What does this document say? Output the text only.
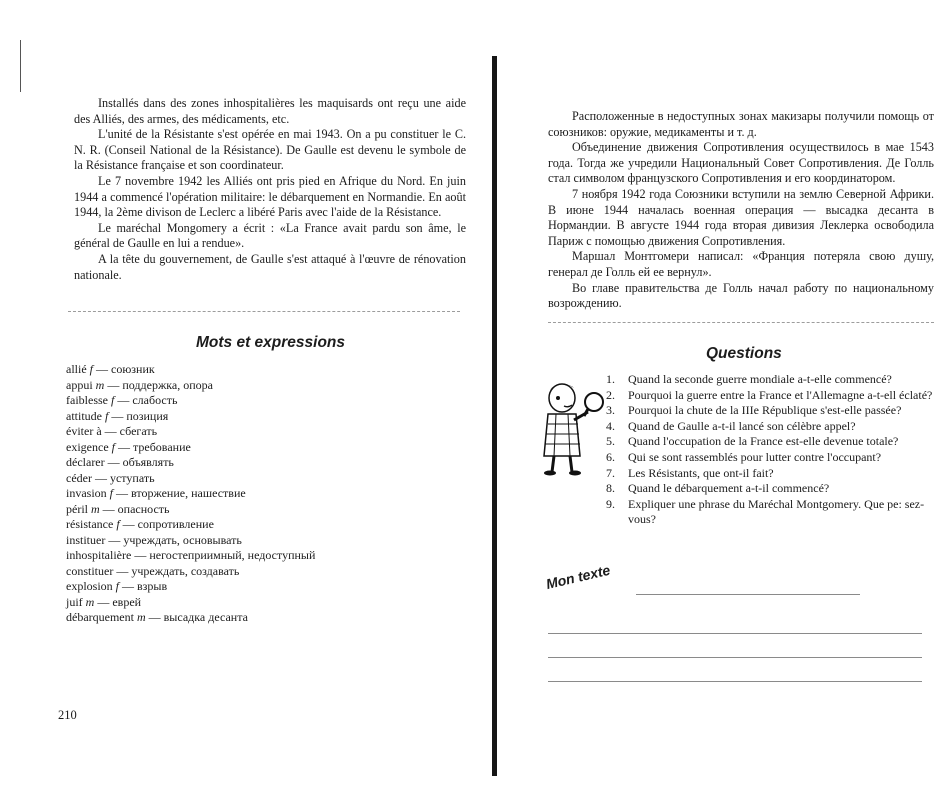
Installés dans des zones inhospitalières les maquisards ont reçu une aide des Alliés, des armes, des médicaments, etc.

L'unité de la Résistante s'est opérée en mai 1943. On a pu constituer le C. N. R. (Conseil National de la Résistance). De Gaulle est devenu le symbole de la Résistance française et son coordinateur.

Le 7 novembre 1942 les Alliés ont pris pied en Afrique du Nord. En juin 1944 a commencé l'opération militaire: le débarquement en Normandie. En août 1944, la 2ème divison de Leclerc a libéré Paris avec l'aide de la Résistance.

Le maréchal Mongomery a écrit : «La France avait pardu son âme, le général de Gaulle en lui a rendue».

A la tête du gouvernement, de Gaulle s'est attaqué à l'œuvre de rénovation nationale.

Mots et expressions
allié f — союзник
appui m — поддержка, опора
faiblesse f — слабость
attitude f — позиция
éviter à — сбегать
exigence f — требование
déclarer — объявлять
céder — уступать
invasion f — вторжение, нашествие
péril m — опасность
résistance f — сопротивление
instituer — учреждать, основывать
inhospitalière — негостеприимный, недоступный
constituer — учреждать, создавать
explosion f — взрыв
juif m — еврей
débarquement m — высадка десанта

210

Расположенные в недоступных зонах макизары получили помощь от союзников: оружие, медикаменты и т. д.

Объединение движения Сопротивления осуществилось в мае 1543 года. Тогда же учредили Национальный Совет Сопротивления. Де Голль стал символом французского Сопротивления и его координатором.

7 ноября 1942 года Союзники вступили на землю Северной Африки. В июне 1944 началась военная операция — высадка десанта в Нормандии. В августе 1944 года вторая дивизия Леклерка освободила Париж с помощью движения Сопротивления.

Маршал Монтгомери написал: «Франция потеряла свою душу, генерал де Голль ей ее вернул».

Во главе правительства де Голль начал работу по национальному возрождению.

Questions
1. Quand la seconde guerre mondiale a-t-elle commencé?
2. Pourquoi la guerre entre la France et l'Allemagne a-t-ell éclaté?
3. Pourquoi la chute de la IIIe République s'est-elle passée?
4. Quand de Gaulle a-t-il lancé son célèbre appel?
5. Quand l'occupation de la France est-elle devenue totale?
6. Qui se sont rassemblés pour lutter contre l'occupant?
7. Les Résistants, que ont-il fait?
8. Quand le débarquement a-t-il commencé?
9. Expliquer une phrase du Maréchal Montgomery. Que pe: sez-vous?

Mon texte
